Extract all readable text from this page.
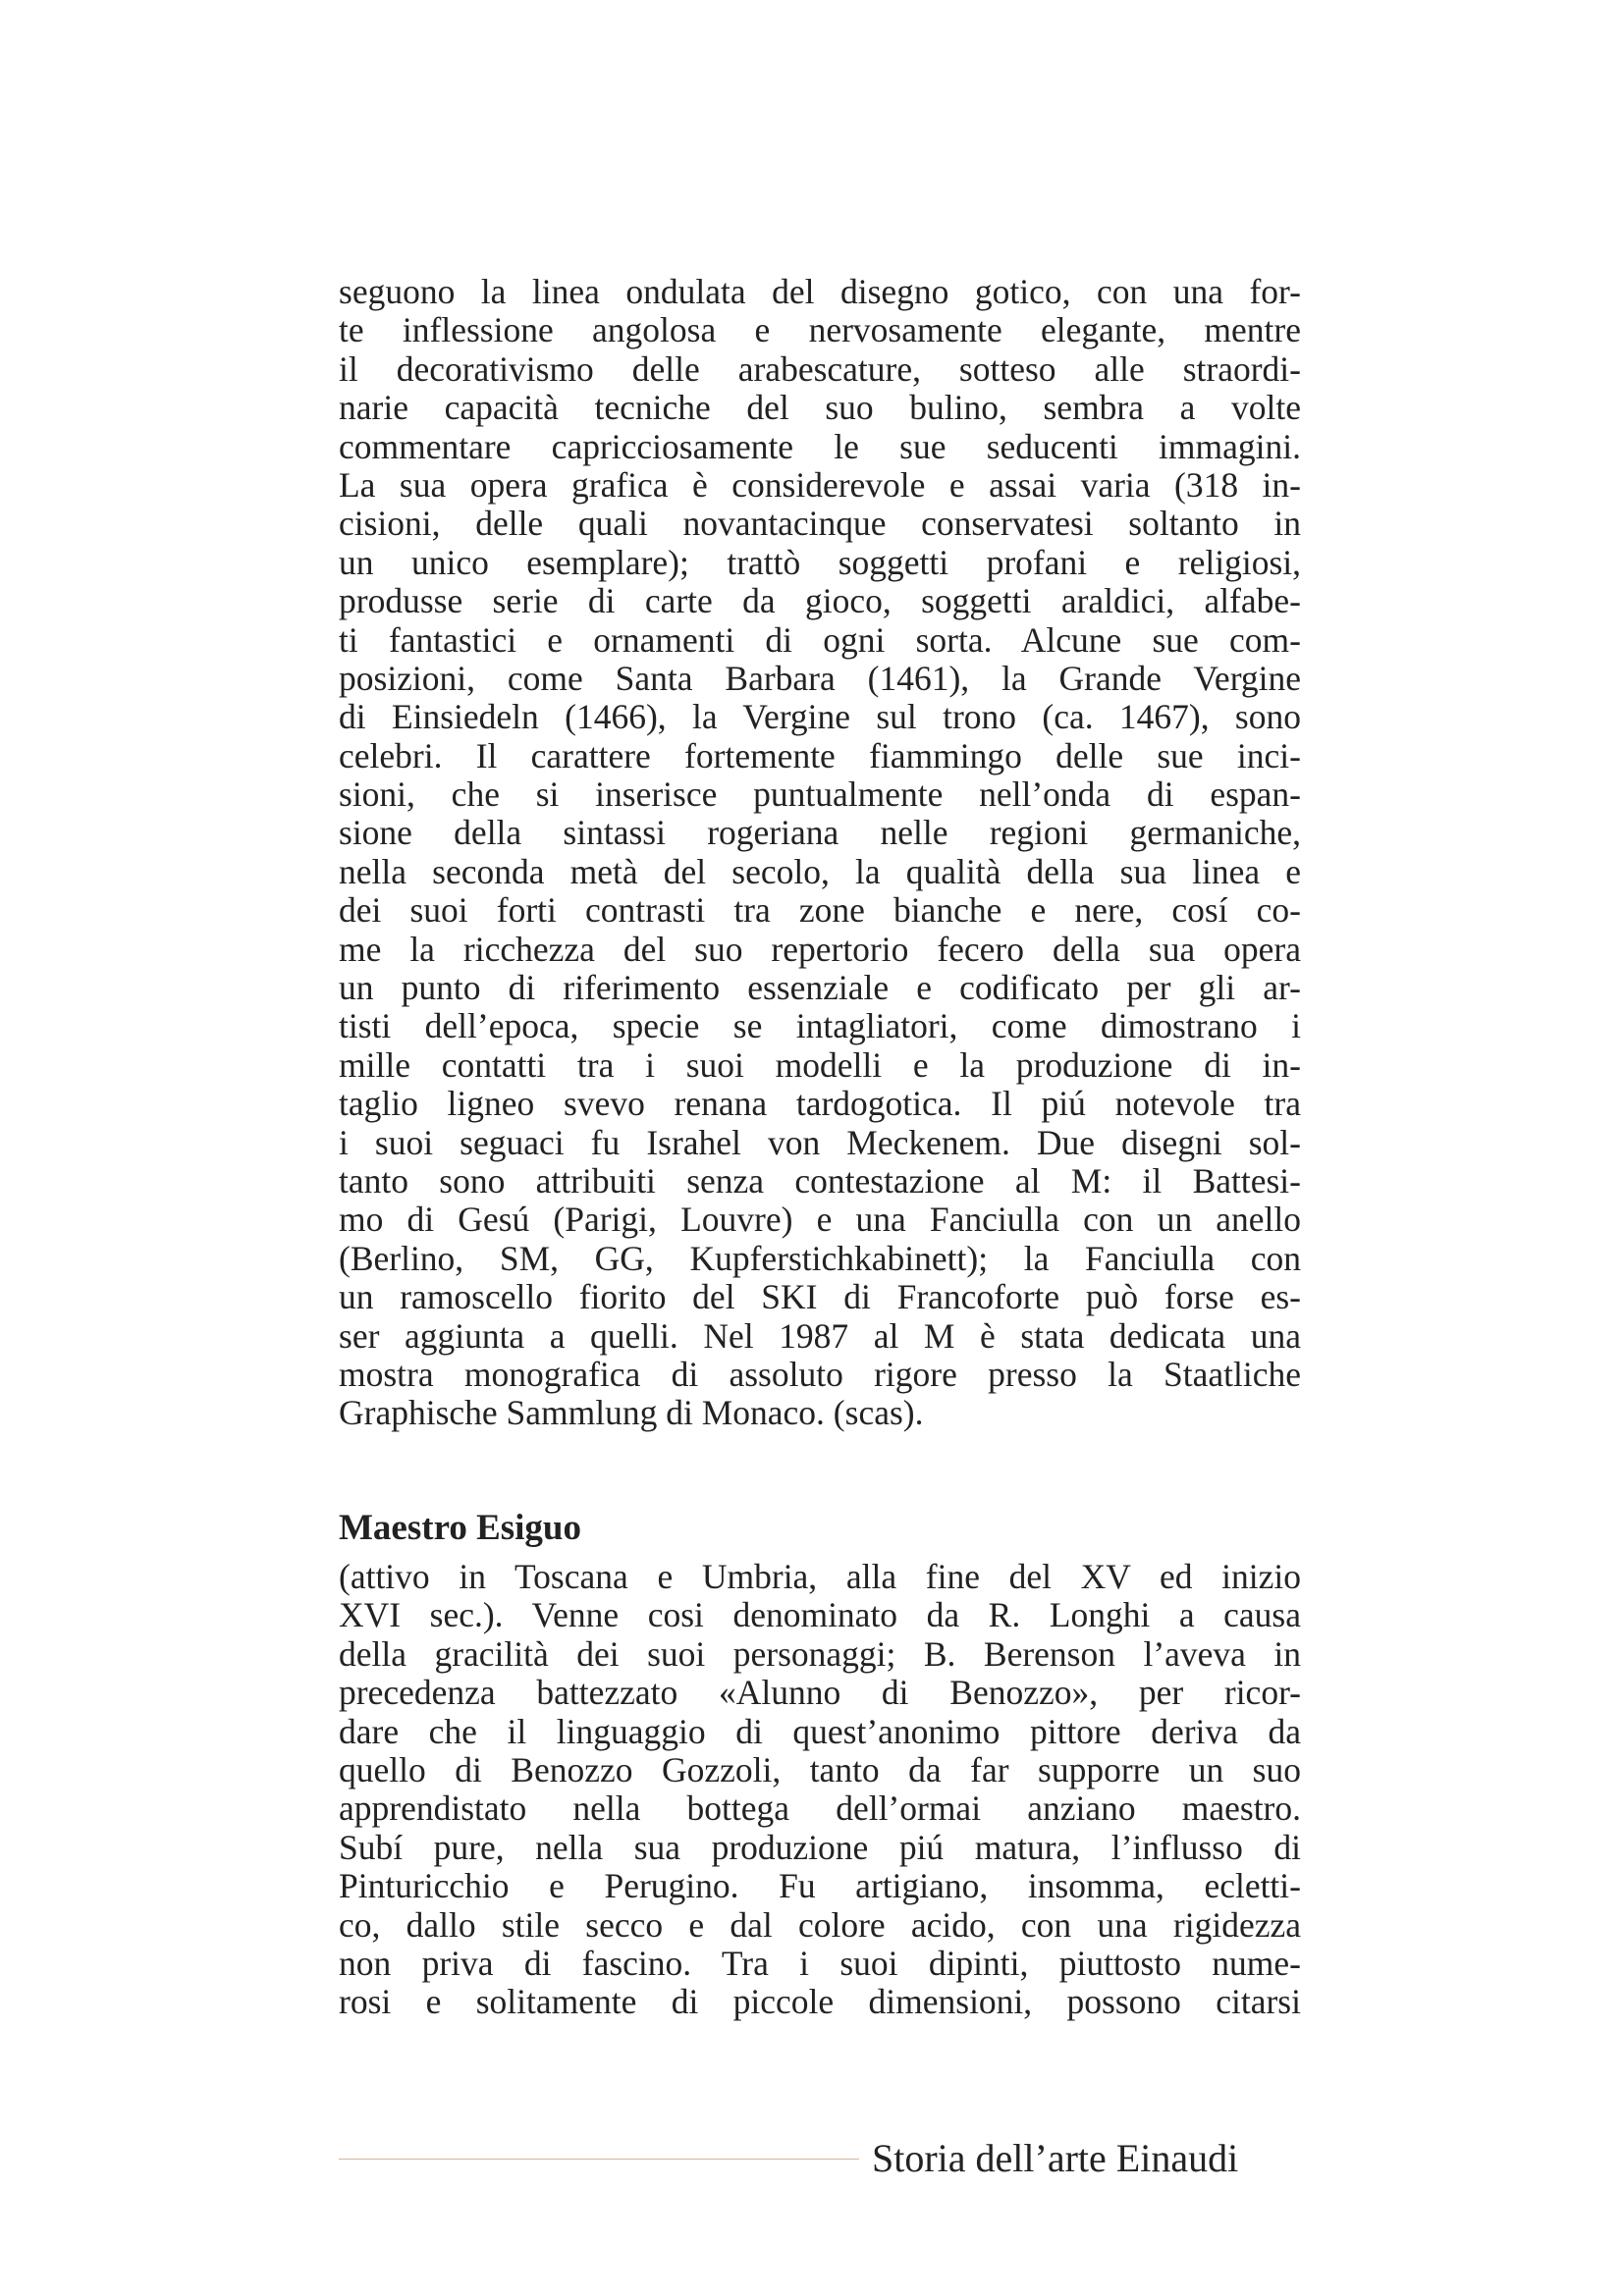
seguono la linea ondulata del disegno gotico, con una for-
te inflessione angolosa e nervosamente elegante, mentre
il decorativismo delle arabescature, sotteso alle straordi-
narie capacità tecniche del suo bulino, sembra a volte
commentare capricciosamente le sue seducenti immagini.
La sua opera grafica è considerevole e assai varia (318 in-
cisioni, delle quali novantacinque conservatesi soltanto in
un unico esemplare); trattò soggetti profani e religiosi,
produsse serie di carte da gioco, soggetti araldici, alfabe-
ti fantastici e ornamenti di ogni sorta. Alcune sue com-
posizioni, come Santa Barbara (1461), la Grande Vergine
di Einsiedeln (1466), la Vergine sul trono (ca. 1467), sono
celebri. Il carattere fortemente fiammingo delle sue inci-
sioni, che si inserisce puntualmente nell’onda di espan-
sione della sintassi rogeriana nelle regioni germaniche,
nella seconda metà del secolo, la qualità della sua linea e
dei suoi forti contrasti tra zone bianche e nere, cosí co-
me la ricchezza del suo repertorio fecero della sua opera
un punto di riferimento essenziale e codificato per gli ar-
tisti dell’epoca, specie se intagliatori, come dimostrano i
mille contatti tra i suoi modelli e la produzione di in-
taglio ligneo svevo renana tardogotica. Il piú notevole tra
i suoi seguaci fu Israhel von Meckenem. Due disegni sol-
tanto sono attribuiti senza contestazione al M: il Battesi-
mo di Gesú (Parigi, Louvre) e una Fanciulla con un anello
(Berlino, SM, GG, Kupferstichkabinett); la Fanciulla con
un ramoscello fiorito del SKI di Francoforte può forse es-
ser aggiunta a quelli. Nel 1987 al M è stata dedicata una
mostra monografica di assoluto rigore presso la Staatliche
Graphische Sammlung di Monaco. (scas).
Maestro Esiguo
(attivo in Toscana e Umbria, alla fine del XV ed inizio
XVI sec.). Venne cosi denominato da R. Longhi a causa
della gracilità dei suoi personaggi; B. Berenson l’aveva in
precedenza battezzato «Alunno di Benozzo», per ricor-
dare che il linguaggio di quest’anonimo pittore deriva da
quello di Benozzo Gozzoli, tanto da far supporre un suo
apprendistato nella bottega dell’ormai anziano maestro.
Subí pure, nella sua produzione piú matura, l’influsso di
Pinturicchio e Perugino. Fu artigiano, insomma, ecletti-
co, dallo stile secco e dal colore acido, con una rigidezza
non priva di fascino. Tra i suoi dipinti, piuttosto nume-
rosi e solitamente di piccole dimensioni, possono citarsi
Storia dell’arte Einaudi
